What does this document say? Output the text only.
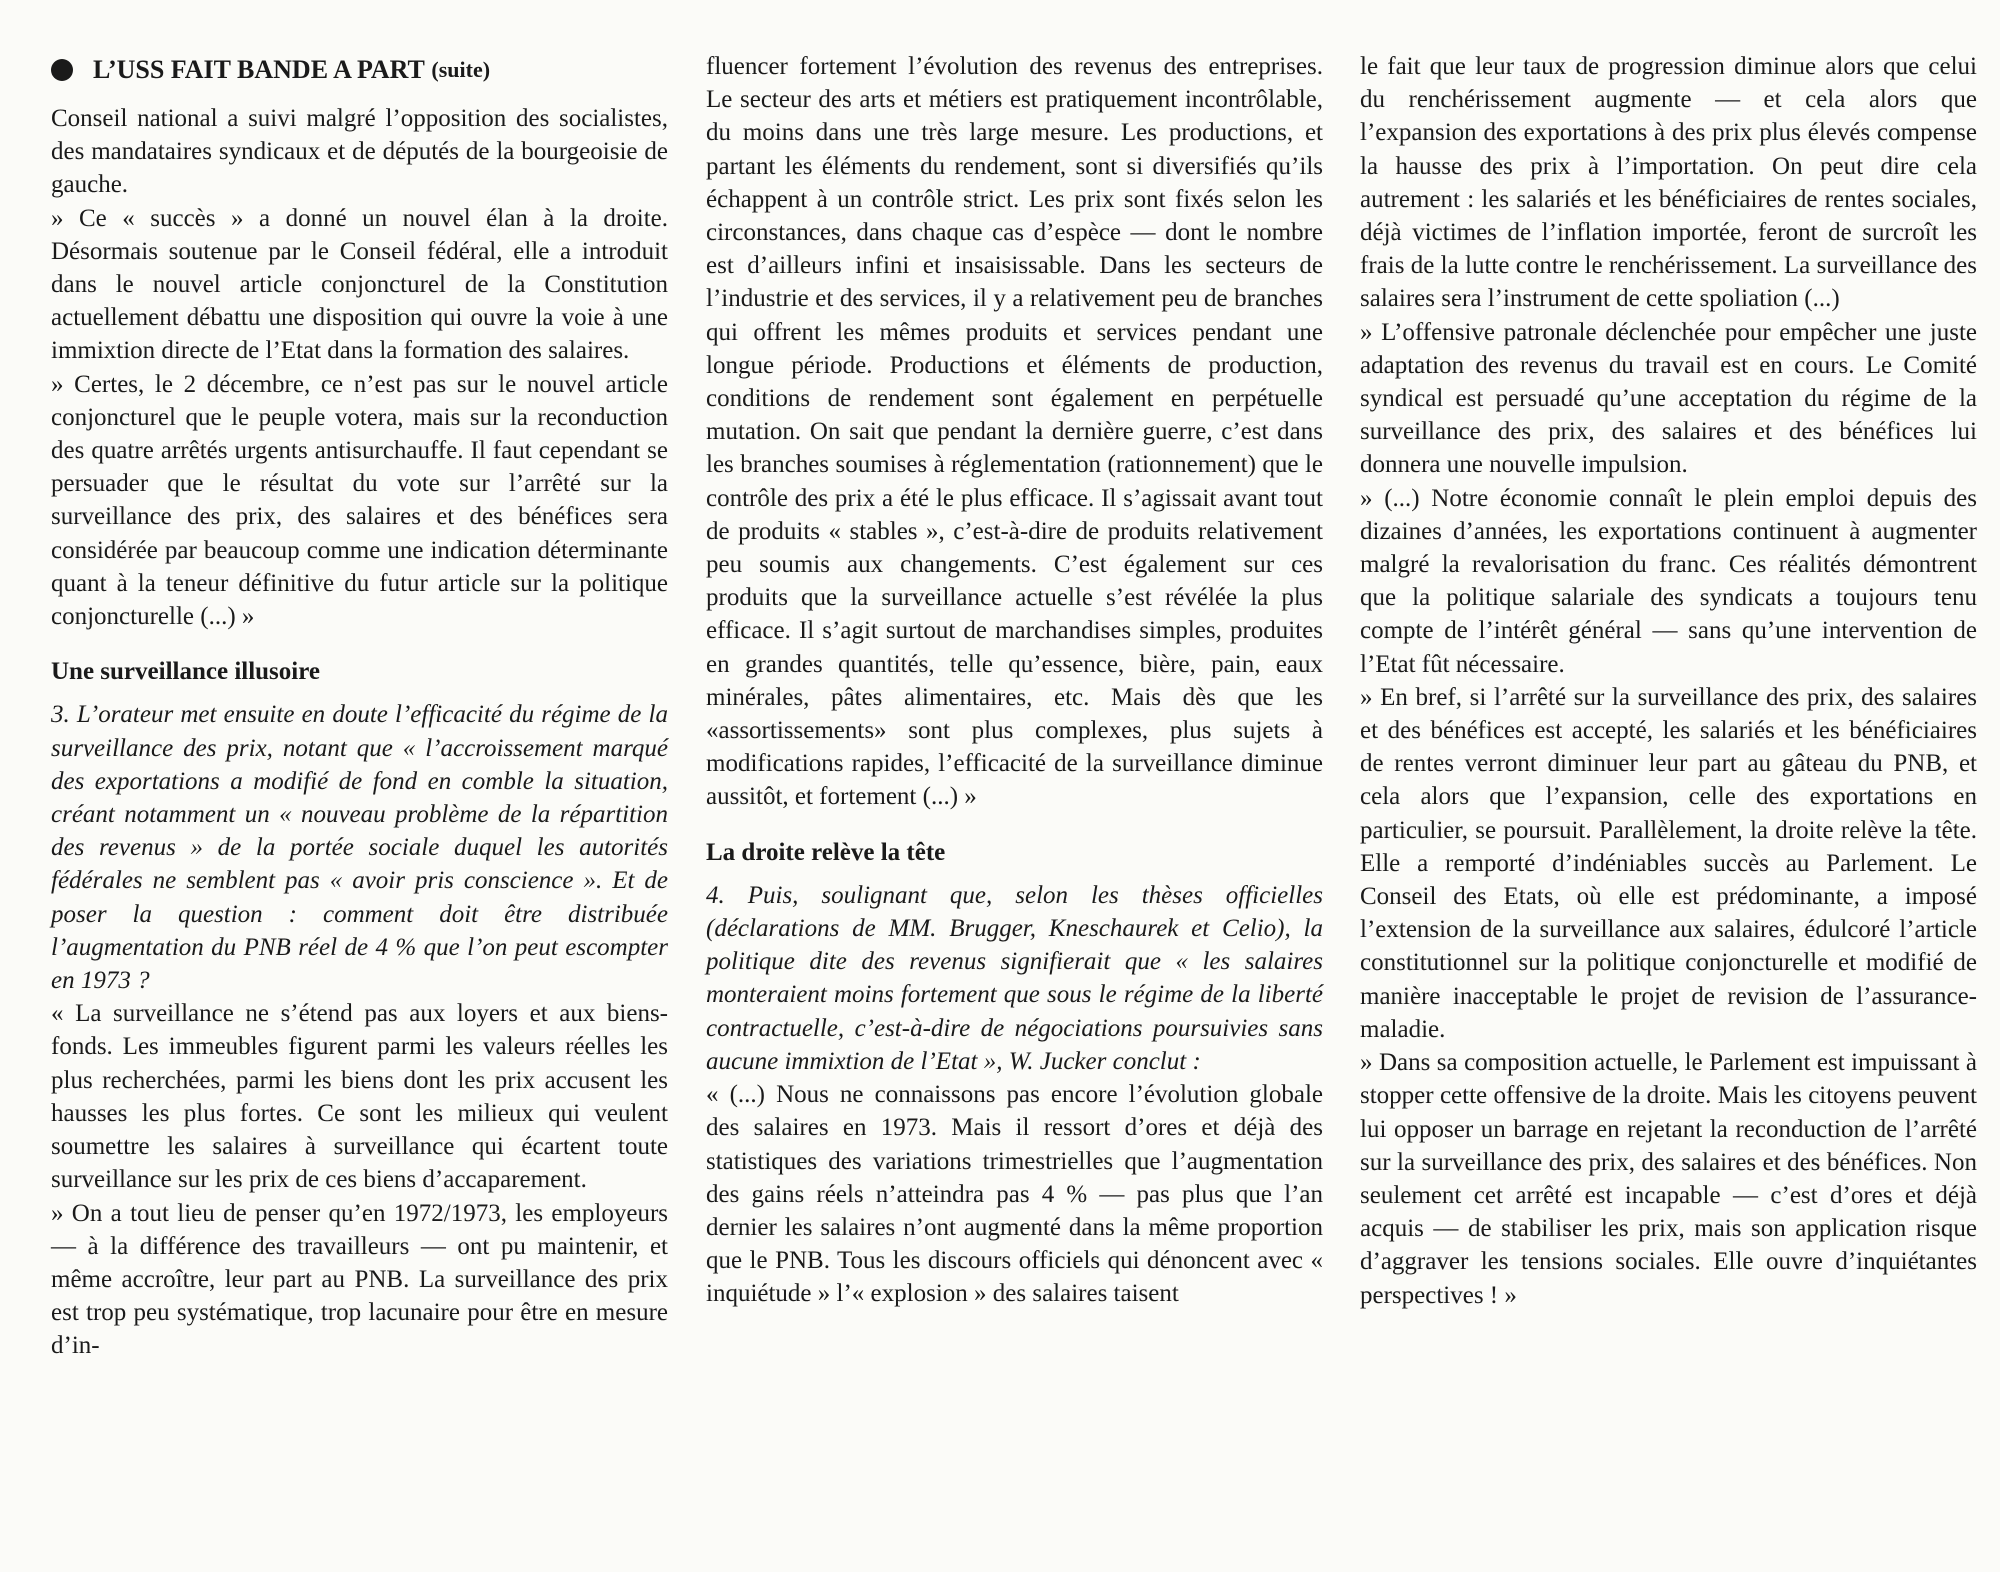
L’USS FAIT BANDE A PART
(suite)

Conseil national a suivi malgré l’opposition des socialistes, des mandataires syndicaux et de députés de la bourgeoisie de gauche.

» Ce « succès » a donné un nouvel élan à la droite. Désormais soutenue par le Conseil fédéral, elle a introduit dans le nouvel article conjoncturel de la Constitution actuellement débattu une disposition qui ouvre la voie à une immixtion directe de l’Etat dans la formation des salaires.

» Certes, le 2 décembre, ce n’est pas sur le nouvel article conjoncturel que le peuple votera, mais sur la reconduction des quatre arrêtés urgents antisurchauffe. Il faut cependant se persuader que le résultat du vote sur l’arrêté sur la surveillance des prix, des salaires et des bénéfices sera considérée par beaucoup comme une indication déterminante quant à la teneur définitive du futur article sur la politique conjoncturelle (...) »

Une surveillance illusoire

3. L’orateur met ensuite en doute l’efficacité du régime de la surveillance des prix, notant que « l’accroissement marqué des exportations a modifié de fond en comble la situation, créant notamment un « nouveau problème de la répartition des revenus » de la portée sociale duquel les autorités fédérales ne semblent pas « avoir pris conscience ». Et de poser la question : comment doit être distribuée l’augmentation du PNB réel de 4 % que l’on peut escompter en 1973 ?

« La surveillance ne s’étend pas aux loyers et aux biens-fonds. Les immeubles figurent parmi les valeurs réelles les plus recherchées, parmi les biens dont les prix accusent les hausses les plus fortes. Ce sont les milieux qui veulent soumettre les salaires à surveillance qui écartent toute surveillance sur les prix de ces biens d’accaparement.

» On a tout lieu de penser qu’en 1972/1973, les employeurs — à la différence des travailleurs — ont pu maintenir, et même accroître, leur part au PNB. La surveillance des prix est trop peu systématique, trop lacunaire pour être en mesure d’in-

fluencer fortement l’évolution des revenus des entreprises. Le secteur des arts et métiers est pratiquement incontrôlable, du moins dans une très large mesure. Les productions, et partant les éléments du rendement, sont si diversifiés qu’ils échappent à un contrôle strict. Les prix sont fixés selon les circonstances, dans chaque cas d’espèce — dont le nombre est d’ailleurs infini et insaisissable. Dans les secteurs de l’industrie et des services, il y a relativement peu de branches qui offrent les mêmes produits et services pendant une longue période. Productions et éléments de production, conditions de rendement sont également en perpétuelle mutation. On sait que pendant la dernière guerre, c’est dans les branches soumises à réglementation (rationnement) que le contrôle des prix a été le plus efficace. Il s’agissait avant tout de produits « stables », c’est-à-dire de produits relativement peu soumis aux changements. C’est également sur ces produits que la surveillance actuelle s’est révélée la plus efficace. Il s’agit surtout de marchandises simples, produites en grandes quantités, telle qu’essence, bière, pain, eaux minérales, pâtes alimentaires, etc. Mais dès que les «assortissements» sont plus complexes, plus sujets à modifications rapides, l’efficacité de la surveillance diminue aussitôt, et fortement (...) »

La droite relève la tête

4. Puis, soulignant que, selon les thèses officielles (déclarations de MM. Brugger, Kneschaurek et Celio), la politique dite des revenus signifierait que « les salaires monteraient moins fortement que sous le régime de la liberté contractuelle, c’est-à-dire de négociations poursuivies sans aucune immixtion de l’Etat », W. Jucker conclut :

« (...) Nous ne connaissons pas encore l’évolution globale des salaires en 1973. Mais il ressort d’ores et déjà des statistiques des variations trimestrielles que l’augmentation des gains réels n’atteindra pas 4 % — pas plus que l’an dernier les salaires n’ont augmenté dans la même proportion que le PNB. Tous les discours officiels qui dénoncent avec « inquiétude » l’« explosion » des salaires taisent

le fait que leur taux de progression diminue alors que celui du renchérissement augmente — et cela alors que l’expansion des exportations à des prix plus élevés compense la hausse des prix à l’importation. On peut dire cela autrement : les salariés et les bénéficiaires de rentes sociales, déjà victimes de l’inflation importée, feront de surcroît les frais de la lutte contre le renchérissement. La surveillance des salaires sera l’instrument de cette spoliation (...)

» L’offensive patronale déclenchée pour empêcher une juste adaptation des revenus du travail est en cours. Le Comité syndical est persuadé qu’une acceptation du régime de la surveillance des prix, des salaires et des bénéfices lui donnera une nouvelle impulsion.

» (...) Notre économie connaît le plein emploi depuis des dizaines d’années, les exportations continuent à augmenter malgré la revalorisation du franc. Ces réalités démontrent que la politique salariale des syndicats a toujours tenu compte de l’intérêt général — sans qu’une intervention de l’Etat fût nécessaire.

» En bref, si l’arrêté sur la surveillance des prix, des salaires et des bénéfices est accepté, les salariés et les bénéficiaires de rentes verront diminuer leur part au gâteau du PNB, et cela alors que l’expansion, celle des exportations en particulier, se poursuit. Parallèlement, la droite relève la tête. Elle a remporté d’indéniables succès au Parlement. Le Conseil des Etats, où elle est prédominante, a imposé l’extension de la surveillance aux salaires, édulcoré l’article constitutionnel sur la politique conjoncturelle et modifié de manière inacceptable le projet de revision de l’assurance-maladie.

» Dans sa composition actuelle, le Parlement est impuissant à stopper cette offensive de la droite. Mais les citoyens peuvent lui opposer un barrage en rejetant la reconduction de l’arrêté sur la surveillance des prix, des salaires et des bénéfices. Non seulement cet arrêté est incapable — c’est d’ores et déjà acquis — de stabiliser les prix, mais son application risque d’aggraver les tensions sociales. Elle ouvre d’inquiétantes perspectives ! »
